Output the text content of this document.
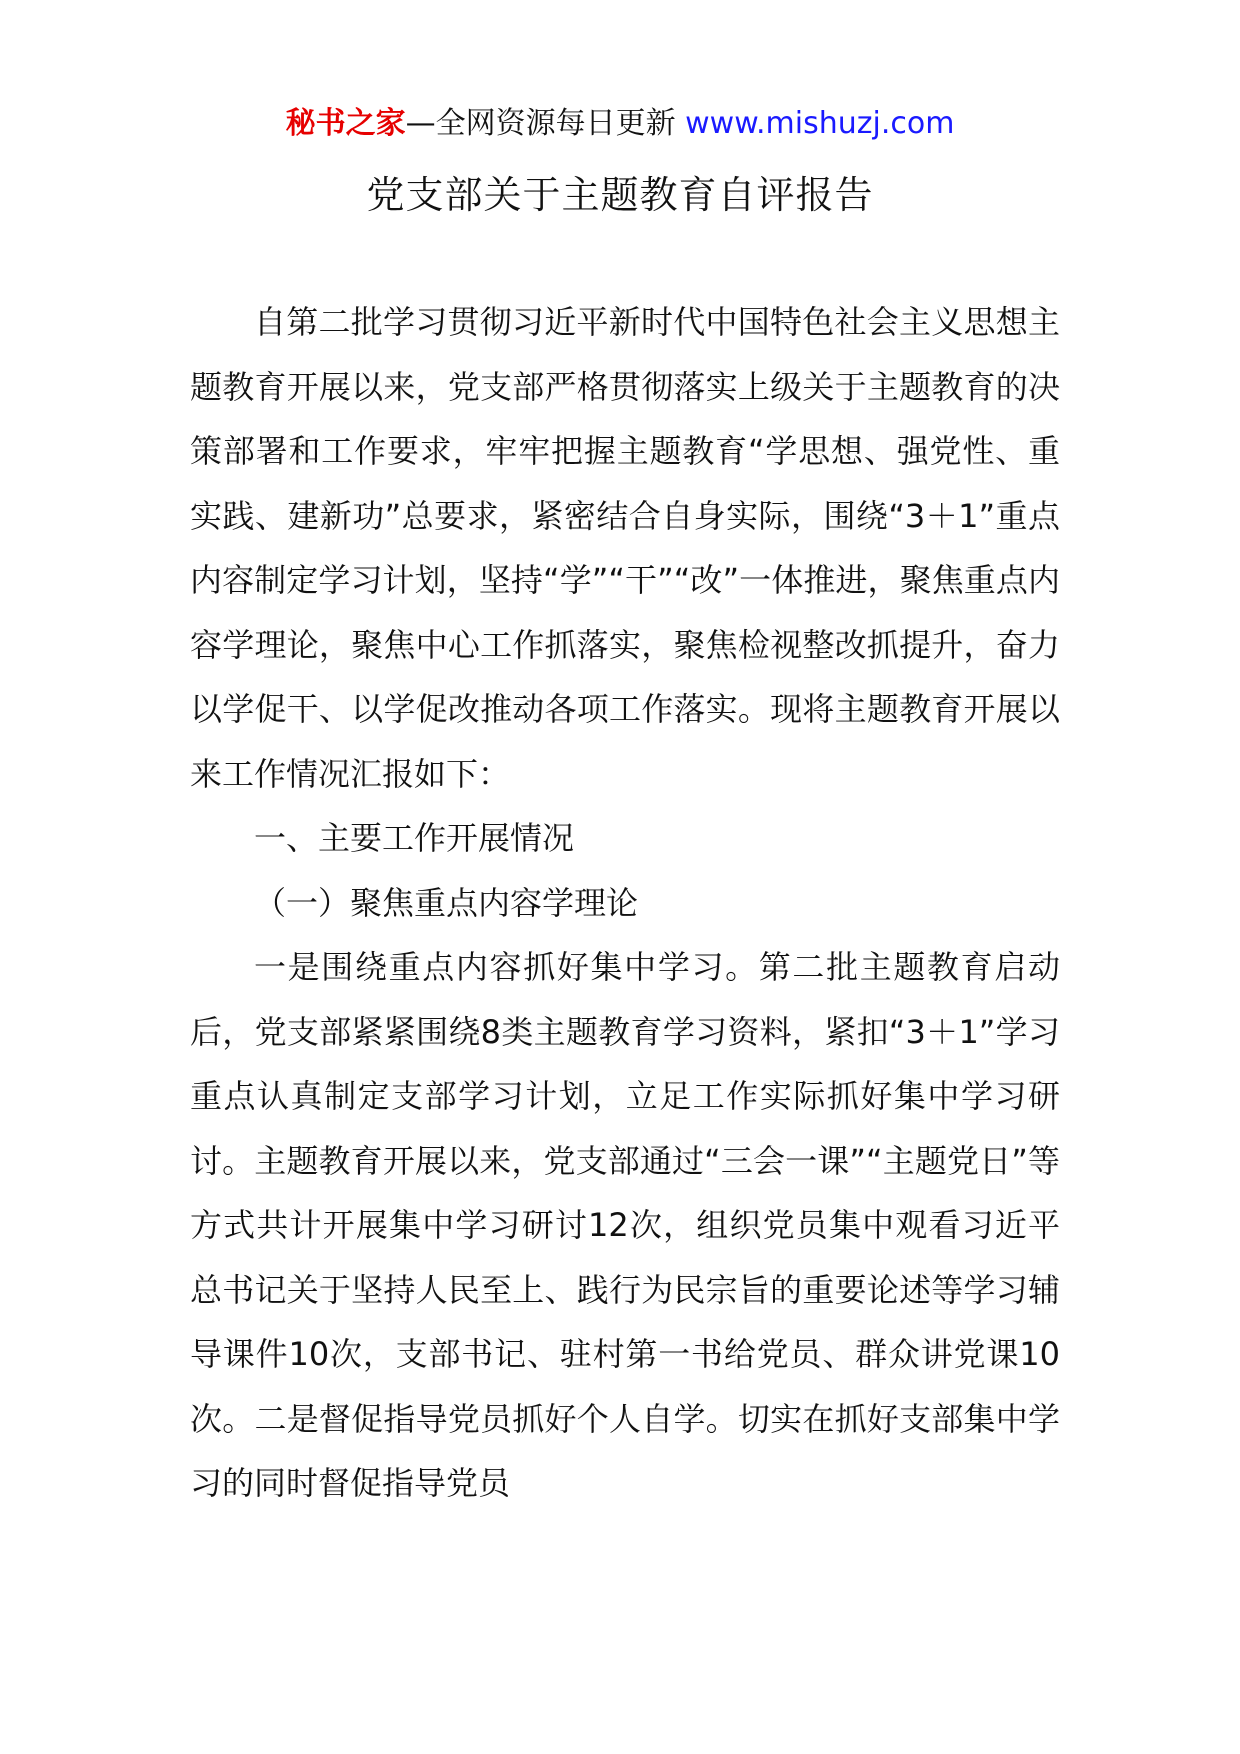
秘书之家—全网资源每日更新 www.mishuzj.com
党支部关于主题教育自评报告

自第二批学习贯彻习近平新时代中国特色社会主义思想主题教育开展以来，党支部严格贯彻落实上级关于主题教育的决策部署和工作要求，牢牢把握主题教育“学思想、强党性、重实践、建新功”总要求，紧密结合自身实际，围绕“3＋1”重点内容制定学习计划，坚持“学”“干”“改”一体推进，聚焦重点内容学理论，聚焦中心工作抓落实，聚焦检视整改抓提升，奋力以学促干、以学促改推动各项工作落实。现将主题教育开展以来工作情况汇报如下：

一、主要工作开展情况

（一）聚焦重点内容学理论

一是围绕重点内容抓好集中学习。第二批主题教育启动后，党支部紧紧围绕8类主题教育学习资料，紧扣“3＋1”学习重点认真制定支部学习计划，立足工作实际抓好集中学习研讨。主题教育开展以来，党支部通过“三会一课”“主题党日”等方式共计开展集中学习研讨12次，组织党员集中观看习近平总书记关于坚持人民至上、践行为民宗旨的重要论述等学习辅导课件10次，支部书记、驻村第一书给党员、群众讲党课10次。二是督促指导党员抓好个人自学。切实在抓好支部集中学习的同时督促指导党员
